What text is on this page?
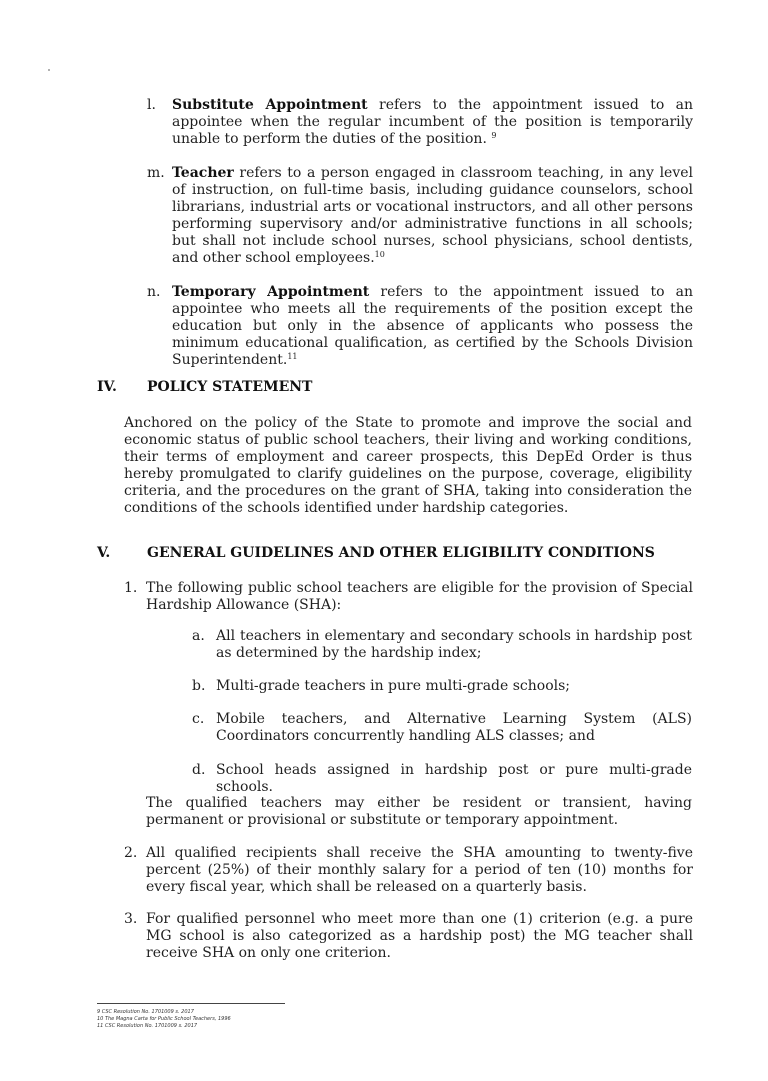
l. Substitute Appointment refers to the appointment issued to an appointee when the regular incumbent of the position is temporarily unable to perform the duties of the position. $^9$
m. Teacher refers to a person engaged in classroom teaching, in any level of instruction, on full-time basis, including guidance counselors, school librarians, industrial arts or vocational instructors, and all other persons performing supervisory and/or administrative functions in all schools; but shall not include school nurses, school physicians, school dentists, and other school employees.$^{10}$
n. Temporary Appointment refers to the appointment issued to an appointee who meets all the requirements of the position except the education but only in the absence of applicants who possess the minimum educational qualification, as certified by the Schools Division Superintendent.$^{11}$
IV. POLICY STATEMENT
Anchored on the policy of the State to promote and improve the social and economic status of public school teachers, their living and working conditions, their terms of employment and career prospects, this DepEd Order is thus hereby promulgated to clarify guidelines on the purpose, coverage, eligibility criteria, and the procedures on the grant of SHA, taking into consideration the conditions of the schools identified under hardship categories.
V.	GENERAL GUIDELINES AND OTHER ELIGIBILITY CONDITIONS
1. The following public school teachers are eligible for the provision of Special Hardship Allowance (SHA):
a. All teachers in elementary and secondary schools in hardship post as determined by the hardship index;
b. Multi-grade teachers in pure multi-grade schools;
c. Mobile teachers, and Alternative Learning System (ALS) Coordinators concurrently handling ALS classes; and
d. School heads assigned in hardship post or pure multi-grade schools.
The qualified teachers may either be resident or transient, having permanent or provisional or substitute or temporary appointment.
2. All qualified recipients shall receive the SHA amounting to twenty-five percent (25%) of their monthly salary for a period of ten (10) months for every fiscal year, which shall be released on a quarterly basis.
3. For qualified personnel who meet more than one (1) criterion (e.g. a pure MG school is also categorized as a hardship post) the MG teacher shall receive SHA on only one criterion.
9 CSC Resolution No. 1701009 s. 2017
10 The Magna Carta for Public School Teachers, 1996
11 CSC Resolution No. 1701009 s. 2017
